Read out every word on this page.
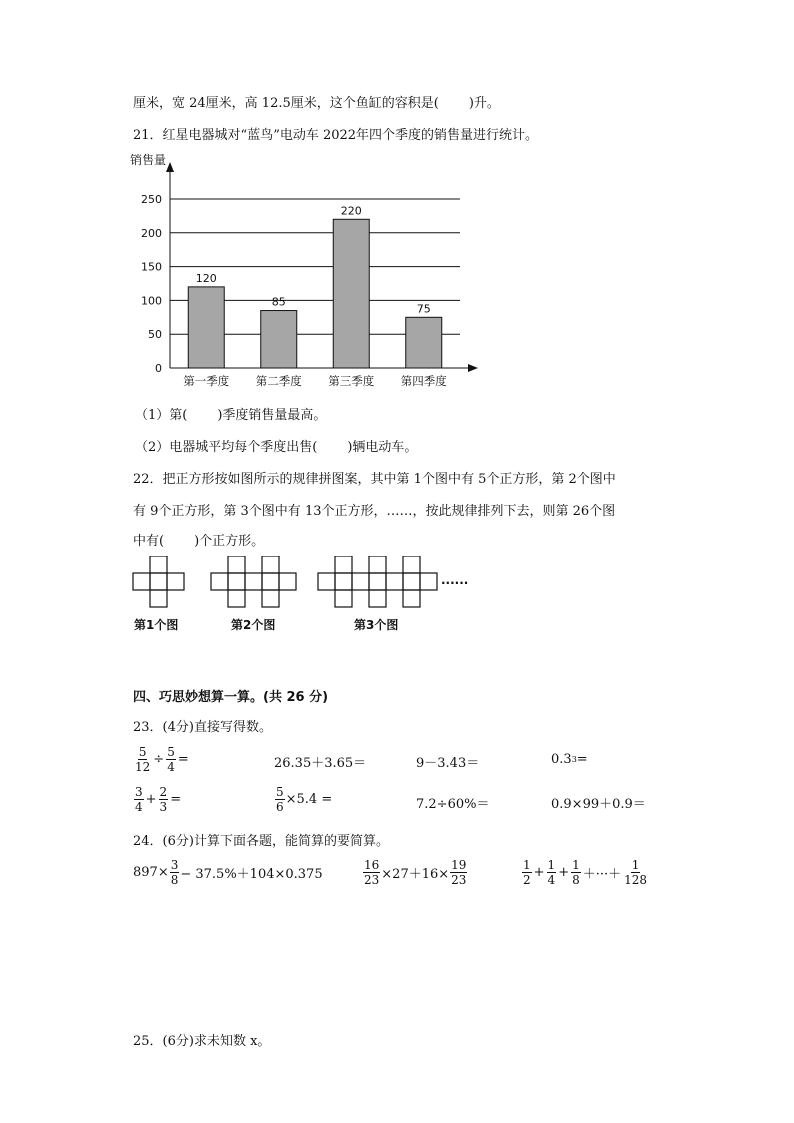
厘米，宽 24厘米，高 12.5厘米，这个鱼缸的容积是( )升。
21．红星电器城对“蓝鸟”电动车 2022年四个季度的销售量进行统计。
销售量
0
50
100
150
200
250
第一季度 第二季度 第三季度 第四季度
120
85
220
75
（1）第( )季度销售量最高。
（2）电器城平均每个季度出售( )辆电动车。
22．把正方形按如图所示的规律拼图案，其中第 1个图中有 5个正方形，第 2个图中
有 9个正方形，第 3个图中有 13个正方形，……，按此规律排列下去，则第 26个图
中有( )个正方形。
······
第1个图	第2个图	第3个图
四、巧思妙想算一算。(共 26 分)
23．(4分)直接写得数。
$\frac{5}{12} \div \frac{5}{4}$ =	26.35＋3.65＝	9－3.43＝	0.3 3 =
$\frac{3}{4} + \frac{2}{3}$ =	$\frac{5}{6} \times 5.4$ =	7.2÷60%＝	0.9×99＋0.9＝
24．(6分)计算下面各题，能简算的要简算。
$897\times \frac{3}{8} - 37.5\%+104\times 0.375$	$\frac{16}{23} \times 27+16\times \frac{19}{23}$	$\frac{1}{2} + \frac{1}{4} + \frac{1}{8}$ ＋···＋ $\frac{1}{128}$
25．(6分)求未知数 x。
